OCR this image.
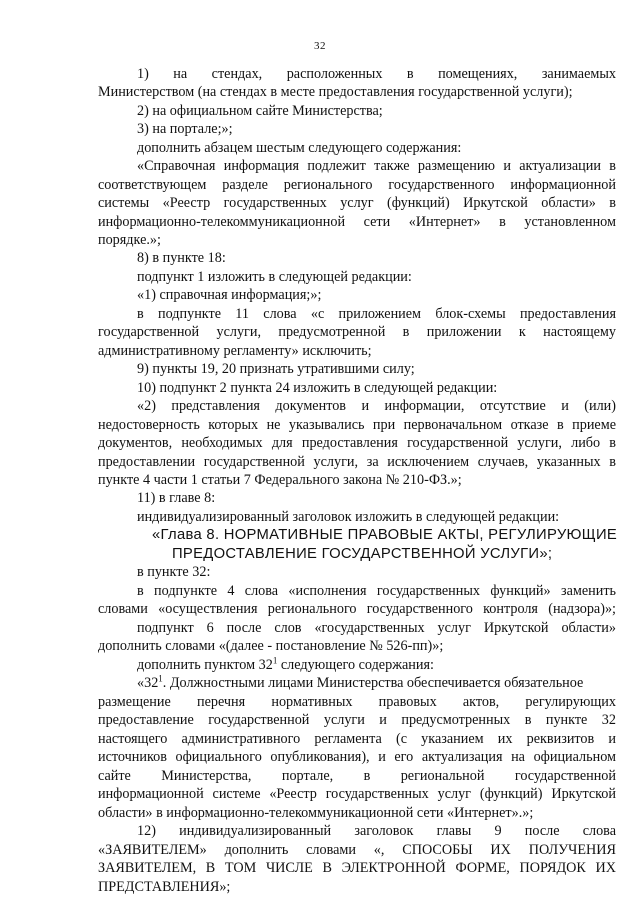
32
1) на стендах, расположенных в помещениях, занимаемых
Министерством (на стендах в месте предоставления государственной услуги);
2) на официальном сайте Министерства;
3) на портале;»;
дополнить абзацем шестым следующего содержания:
«Справочная информация подлежит также размещению и актуализации в
соответствующем разделе регионального государственного информационной
системы «Реестр государственных услуг (функций) Иркутской области» в
информационно-телекоммуникационной сети «Интернет» в установленном
порядке.»;
8) в пункте 18:
подпункт 1 изложить в следующей редакции:
«1) справочная информация;»;
в подпункте 11 слова «с приложением блок-схемы предоставления
государственной услуги, предусмотренной в приложении к настоящему
административному регламенту» исключить;
9) пункты 19, 20 признать утратившими силу;
10) подпункт 2 пункта 24 изложить в следующей редакции:
«2) представления документов и информации, отсутствие и (или)
недостоверность которых не указывались при первоначальном отказе в приеме
документов, необходимых для предоставления государственной услуги, либо в
предоставлении государственной услуги, за исключением случаев, указанных в
пункте 4 части 1 статьи 7 Федерального закона № 210-ФЗ.»;
11) в главе 8:
индивидуализированный заголовок изложить в следующей редакции:
«Глава 8. НОРМАТИВНЫЕ ПРАВОВЫЕ АКТЫ, РЕГУЛИРУЮЩИЕ
ПРЕДОСТАВЛЕНИЕ ГОСУДАРСТВЕННОЙ УСЛУГИ»;
в пункте 32:
в подпункте 4 слова «исполнения государственных функций» заменить
словами «осуществления регионального государственного контроля (надзора)»;
подпункт 6 после слов «государственных услуг Иркутской области»
дополнить словами «(далее - постановление № 526-пп)»;
дополнить пунктом $32^1$ следующего содержания:
«$32^1$. Должностными лицами Министерства обеспечивается обязательное
размещение перечня нормативных правовых актов, регулирующих
предоставление государственной услуги и предусмотренных в пункте 32
настоящего административного регламента (с указанием их реквизитов и
источников официального опубликования), и его актуализация на официальном
сайте Министерства, портале, в региональной государственной
информационной системе «Реестр государственных услуг (функций) Иркутской
области» в информационно-телекоммуникационной сети «Интернет».»;
12) индивидуализированный заголовок главы 9 после слова
«ЗАЯВИТЕЛЕМ» дополнить словами «, СПОСОБЫ ИХ ПОЛУЧЕНИЯ
ЗАЯВИТЕЛЕМ, В ТОМ ЧИСЛЕ В ЭЛЕКТРОННОЙ ФОРМЕ, ПОРЯДОК ИХ
ПРЕДСТАВЛЕНИЯ»;
